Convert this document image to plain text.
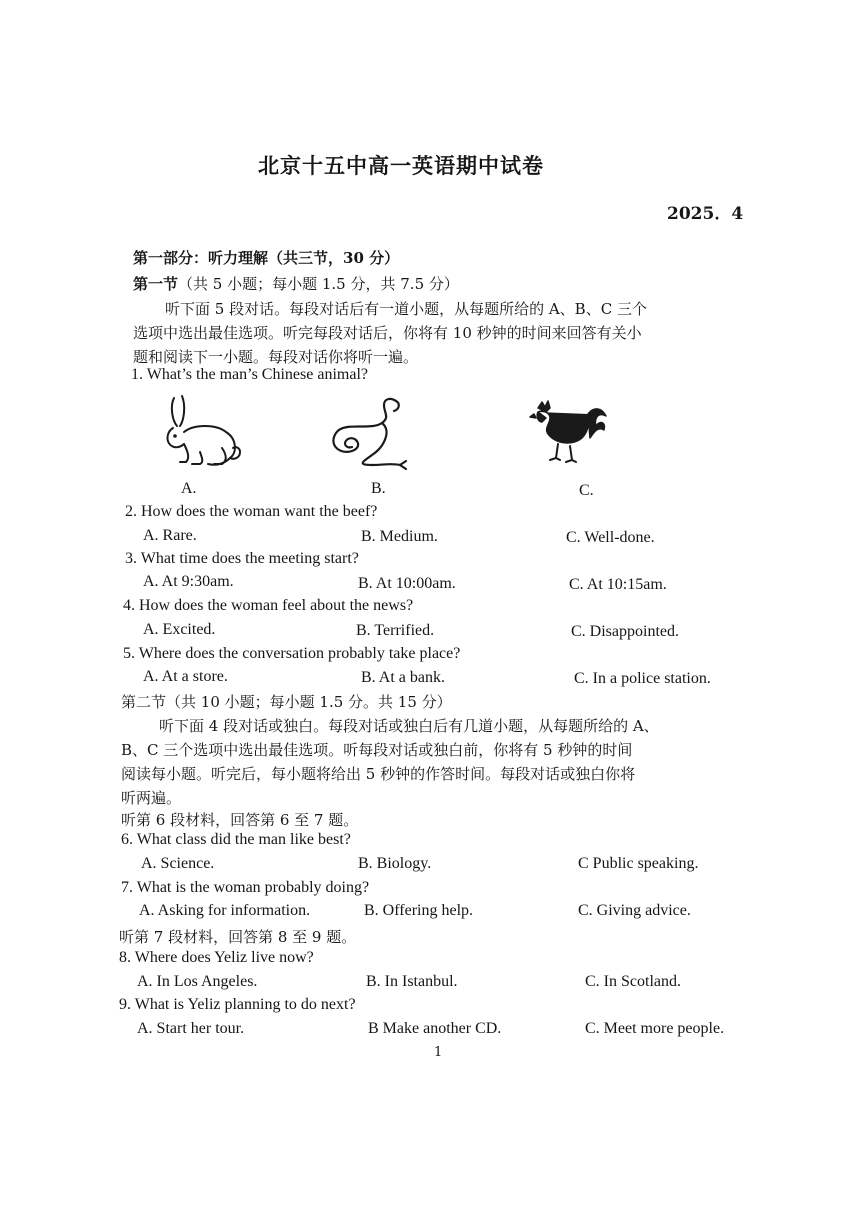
北京十五中高一英语期中试卷
2025．4
第一部分：听力理解（共三节，30 分）
第一节（共 5 小题；每小题 1.5 分，共 7.5 分）
听下面 5 段对话。每段对话后有一道小题，从每题所给的 A、B、C 三个
选项中选出最佳选项。听完每段对话后，你将有 10 秒钟的时间来回答有关小
题和阅读下一小题。每段对话你将听一遍。
1. What’s the man’s Chinese animal?
A.	B.	C.
2. How does the woman want the beef?
A. Rare.	B. Medium.	C. Well-done.
3. What time does the meeting start?
A. At 9:30am.	B. At 10:00am.	C. At 10:15am.
4. How does the woman feel about the news?
A. Excited.	B. Terrified.	C. Disappointed.
5. Where does the conversation probably take place?
A. At a store.	B. At a bank.	C. In a police station.
第二节（共 10 小题；每小题 1.5 分。共 15 分）
听下面 4 段对话或独白。每段对话或独白后有几道小题，从每题所给的 A、
B、C 三个选项中选出最佳选项。听每段对话或独白前，你将有 5 秒钟的时间
阅读每小题。听完后，每小题将给出 5 秒钟的作答时间。每段对话或独白你将
听两遍。
听第 6 段材料，回答第 6 至 7 题。
6. What class did the man like best?
A. Science.	B. Biology.	C Public speaking.
7. What is the woman probably doing?
A. Asking for information.	B. Offering help.	C. Giving advice.
听第 7 段材料，回答第 8 至 9 题。
8. Where does Yeliz live now?
A. In Los Angeles.	B. In Istanbul.	C. In Scotland.
9. What is Yeliz planning to do next?
A. Start her tour.	B Make another CD.	C. Meet more people.
1
